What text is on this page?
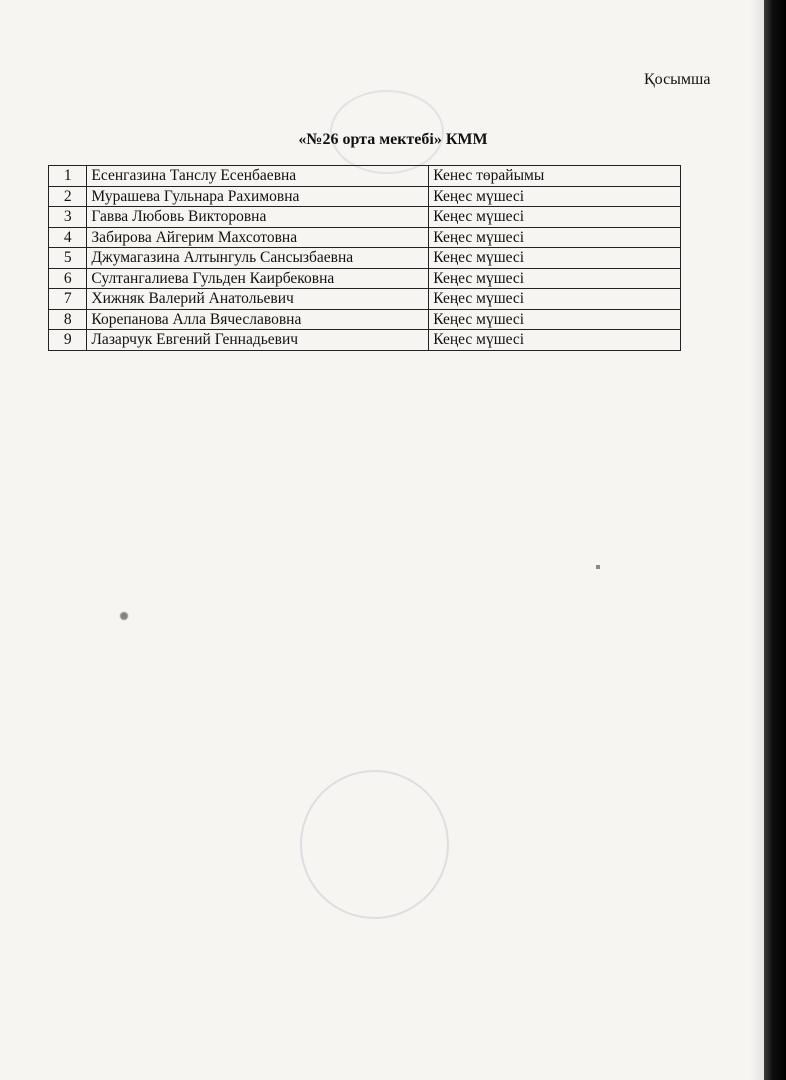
Қосымша
«№26 орта мектебі» КММ
1	Есенгазина Танслу Есенбаевна	Кенес төрайымы
2	Мурашева Гульнара Рахимовна	Кеңес мүшесі
3	Гавва Любовь Викторовна	Кеңес мүшесі
4	Забирова Айгерим Махсотовна	Кеңес мүшесі
5	Джумагазина Алтынгуль Сансызбаевна	Кеңес мүшесі
6	Султангалиева Гульден Каирбековна	Кеңес мүшесі
7	Хижняк Валерий Анатольевич	Кеңес мүшесі
8	Корепанова Алла Вячеславовна	Кеңес мүшесі
9	Лазарчук Евгений Геннадьевич	Кеңес мүшесі
